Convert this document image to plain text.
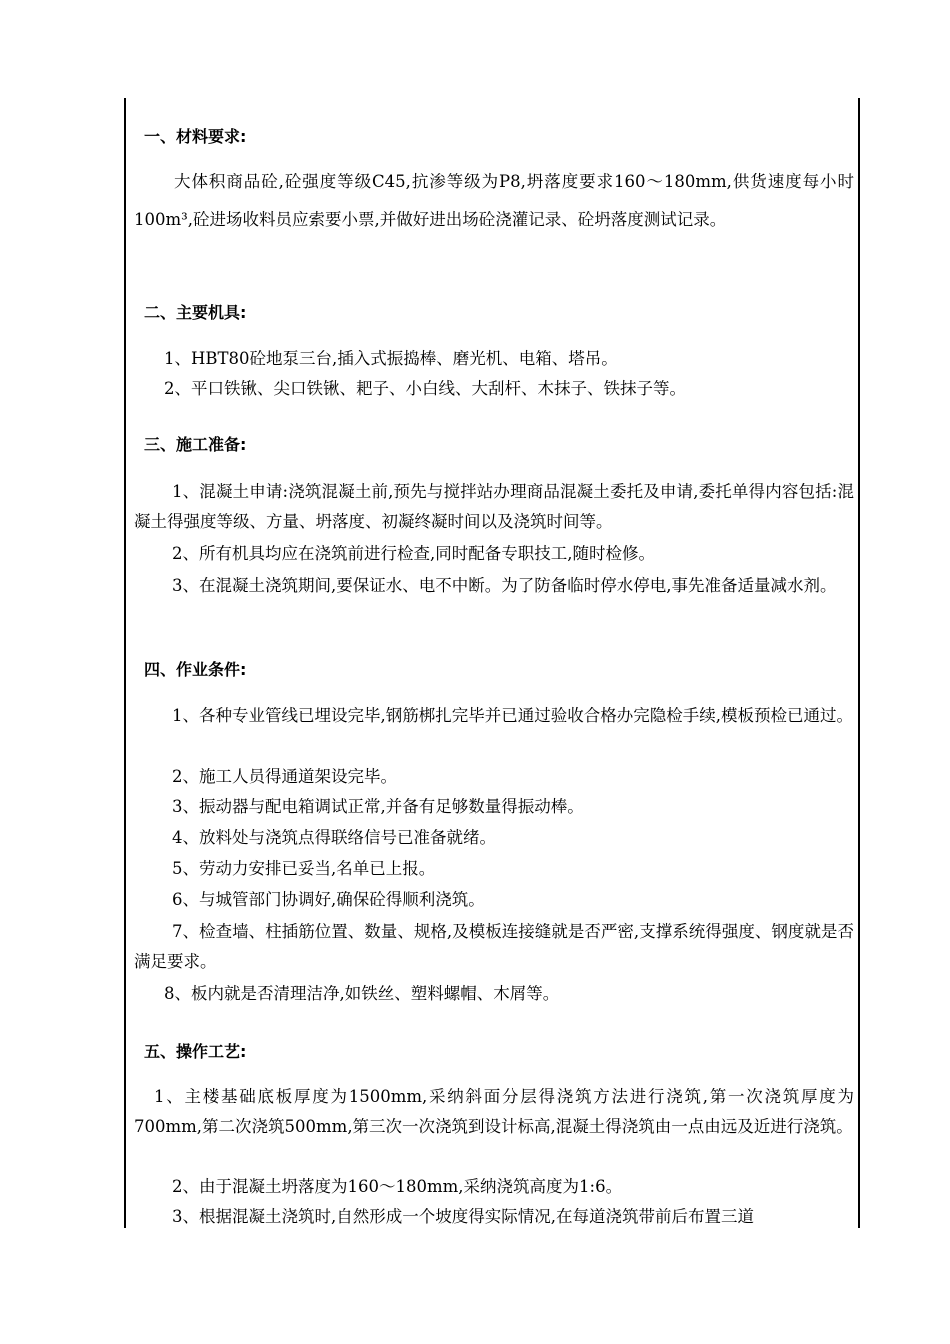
一、材料要求:

大体积商品砼,砼强度等级C45,抗渗等级为P8,坍落度要求160～180mm,供货速度每小时100m³,砼进场收料员应索要小票,并做好进出场砼浇灌记录、砼坍落度测试记录。

二、主要机具:

1、HBT80砼地泵三台,插入式振捣棒、磨光机、电箱、塔吊。

2、平口铁锹、尖口铁锹、耙子、小白线、大刮杆、木抹子、铁抹子等。

三、施工准备:

1、混凝土申请:浇筑混凝土前,预先与搅拌站办理商品混凝土委托及申请,委托单得内容包括:混凝土得强度等级、方量、坍落度、初凝终凝时间以及浇筑时间等。

2、所有机具均应在浇筑前进行检查,同时配备专职技工,随时检修。

3、在混凝土浇筑期间,要保证水、电不中断。为了防备临时停水停电,事先准备适量减水剂。

四、作业条件:

1、各种专业管线已埋设完毕,钢筋梆扎完毕并已通过验收合格办完隐检手续,模板预检已通过。

2、施工人员得通道架设完毕。

3、振动器与配电箱调试正常,并备有足够数量得振动棒。

4、放料处与浇筑点得联络信号已准备就绪。

5、劳动力安排已妥当,名单已上报。

6、与城管部门协调好,确保砼得顺利浇筑。

7、检查墙、柱插筋位置、数量、规格,及模板连接缝就是否严密,支撑系统得强度、钢度就是否满足要求。

8、板内就是否清理洁净,如铁丝、塑料螺帽、木屑等。

五、操作工艺:

1、主楼基础底板厚度为1500mm,采纳斜面分层得浇筑方法进行浇筑,第一次浇筑厚度为700mm,第二次浇筑500mm,第三次一次浇筑到设计标高,混凝土得浇筑由一点由远及近进行浇筑。

2、由于混凝土坍落度为160～180mm,采纳浇筑高度为1:6。

3、根据混凝土浇筑时,自然形成一个坡度得实际情况,在每道浇筑带前后布置三道
